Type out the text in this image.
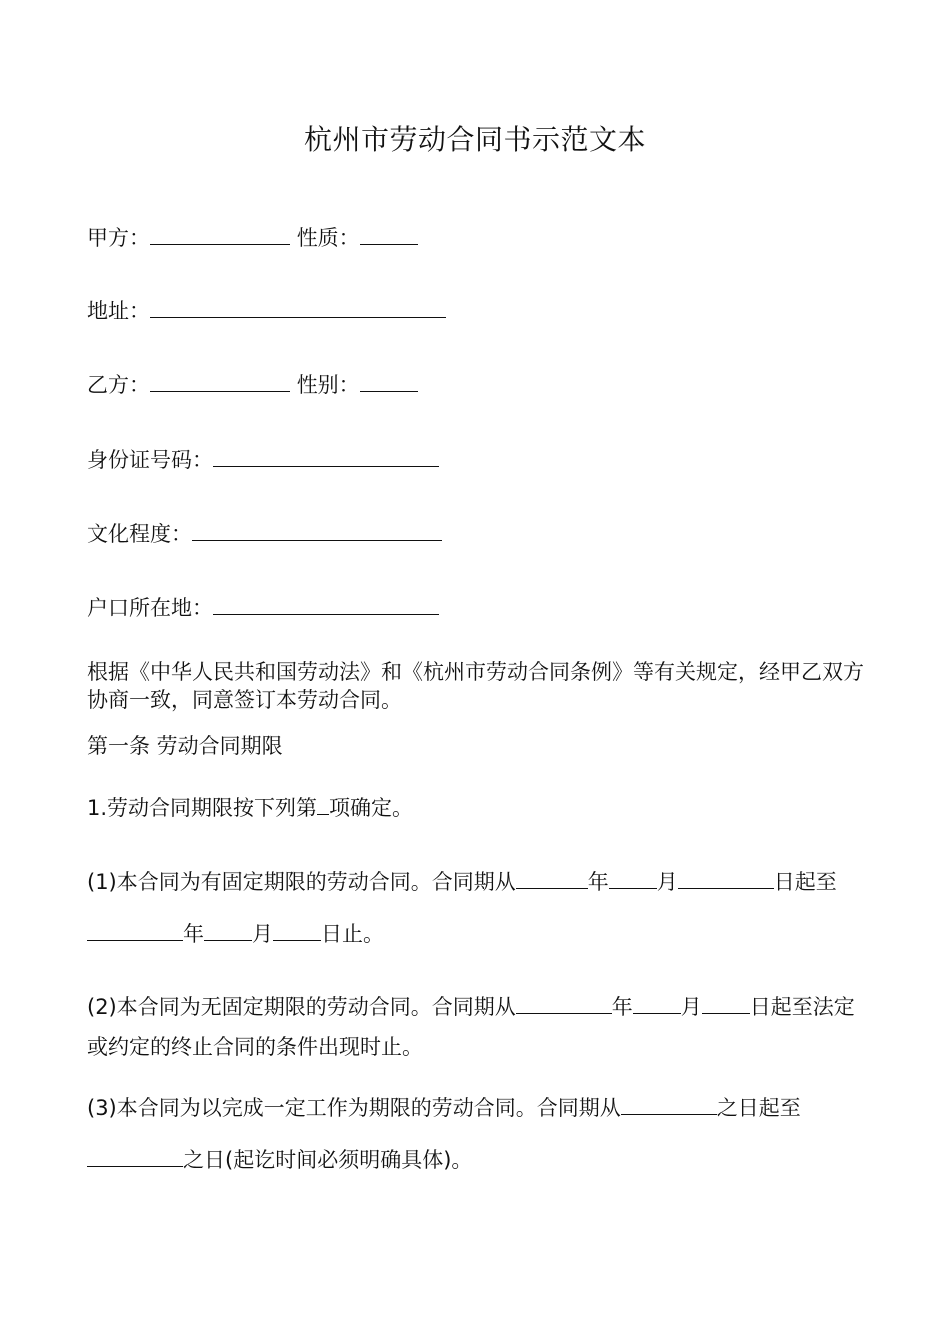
杭州市劳动合同书示范文本
甲方：	性质：
地址：
乙方：	性别：
身份证号码：
文化程度：
户口所在地：
根据《中华人民共和国劳动法》和《杭州市劳动合同条例》等有关规定，经甲乙双方协商一致，同意签订本劳动合同。
第一条 劳动合同期限
1.劳动合同期限按下列第 项确定。
(1)本合同为有固定期限的劳动合同。合同期从	年 月	日起至年 月 日止。
(2)本合同为无固定期限的劳动合同。合同期从	年 月 日起至法定或约定的终止合同的条件出现时止。
(3)本合同为以完成一定工作为期限的劳动合同。合同期从	之日起至之日(起讫时间必须明确具体)。
